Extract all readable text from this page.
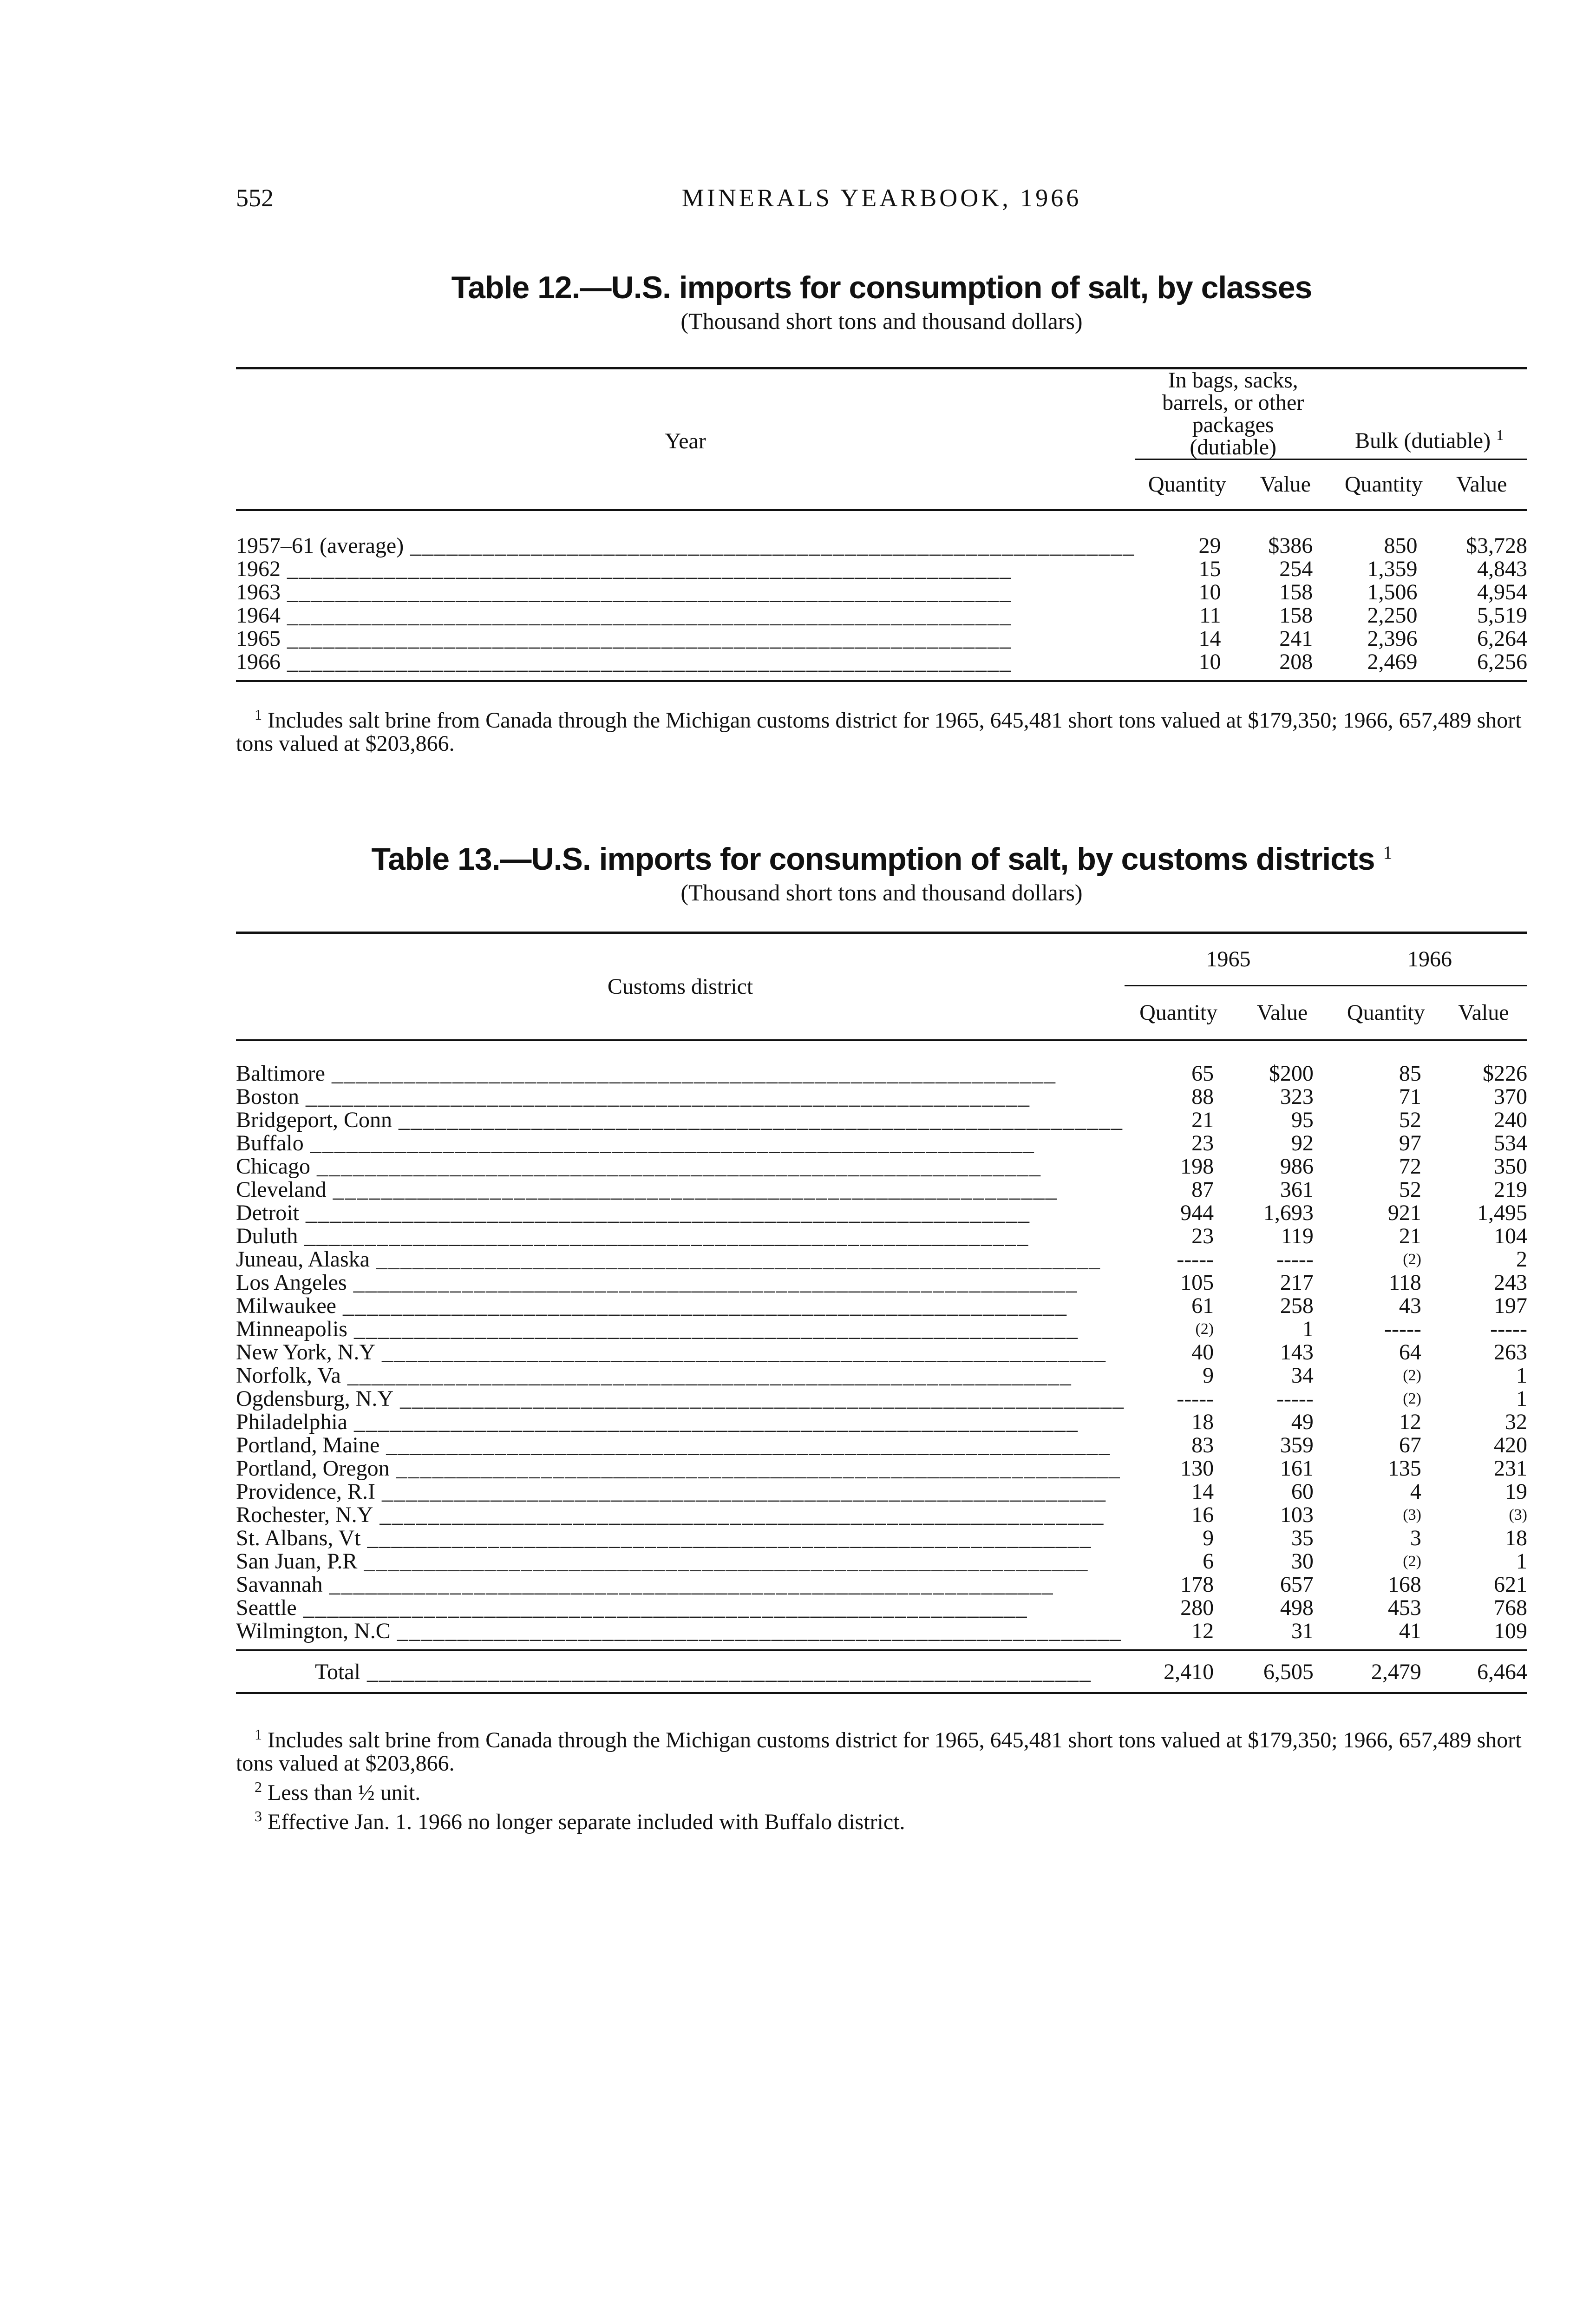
552	MINERALS YEARBOOK, 1966
Table 12.—U.S. imports for consumption of salt, by classes
(Thousand short tons and thousand dollars)
Year	In bags, sacks, barrels, or other packages (dutiable)		Bulk (dutiable) $^1$
	Quantity	Value	Quantity	Value

1957–61 (average) _____	29	$386	850	$3,728
1962 _____	15	254	1,359	4,843
1963 _____	10	158	1,506	4,954
1964 _____	11	158	2,250	5,519
1965 _____	14	241	2,396	6,264
1966 _____	10	208	2,469	6,256

$^1$ Includes salt brine from Canada through the Michigan customs district for 1965, 645,481 short tons valued at $179,350; 1966, 657,489 short tons valued at $203,866.

Table 13.—U.S. imports for consumption of salt, by customs districts $^1$
(Thousand short tons and thousand dollars)
Customs district	1965		1966	
	Quantity	Value	Quantity	Value

Baltimore _____	65	$200	85	$226
Boston _____	88	323	71	370
Bridgeport, Conn _____	21	95	52	240
Buffalo _____	23	92	97	534
Chicago _____	198	986	72	350
Cleveland _____	87	361	52	219
Detroit _____	944	1,693	921	1,495
Duluth _____	23	119	21	104
Juneau, Alaska _____	-----	-----	(2)	2
Los Angeles _____	105	217	118	243
Milwaukee _____	61	258	43	197
Minneapolis _____	(2)	1	-----	-----
New York, N.Y _____	40	143	64	263
Norfolk, Va _____	9	34	(2)	1
Ogdensburg, N.Y _____	-----	-----	(2)	1
Philadelphia _____	18	49	12	32
Portland, Maine _____	83	359	67	420
Portland, Oregon _____	130	161	135	231
Providence, R.I _____	14	60	4	19
Rochester, N.Y _____	16	103	(3)	(3)
St. Albans, Vt _____	9	35	3	18
San Juan, P.R _____	6	30	(2)	1
Savannah _____	178	657	168	621
Seattle _____	280	498	453	768
Wilmington, N.C _____	12	31	41	109

Total _____	2,410	6,505	2,479	6,464

$^1$ Includes salt brine from Canada through the Michigan customs district for 1965, 645,481 short tons valued at $179,350; 1966, 657,489 short tons valued at $203,866.

$^2$ Less than ½ unit.

$^3$ Effective Jan. 1. 1966 no longer separate included with Buffalo district.
